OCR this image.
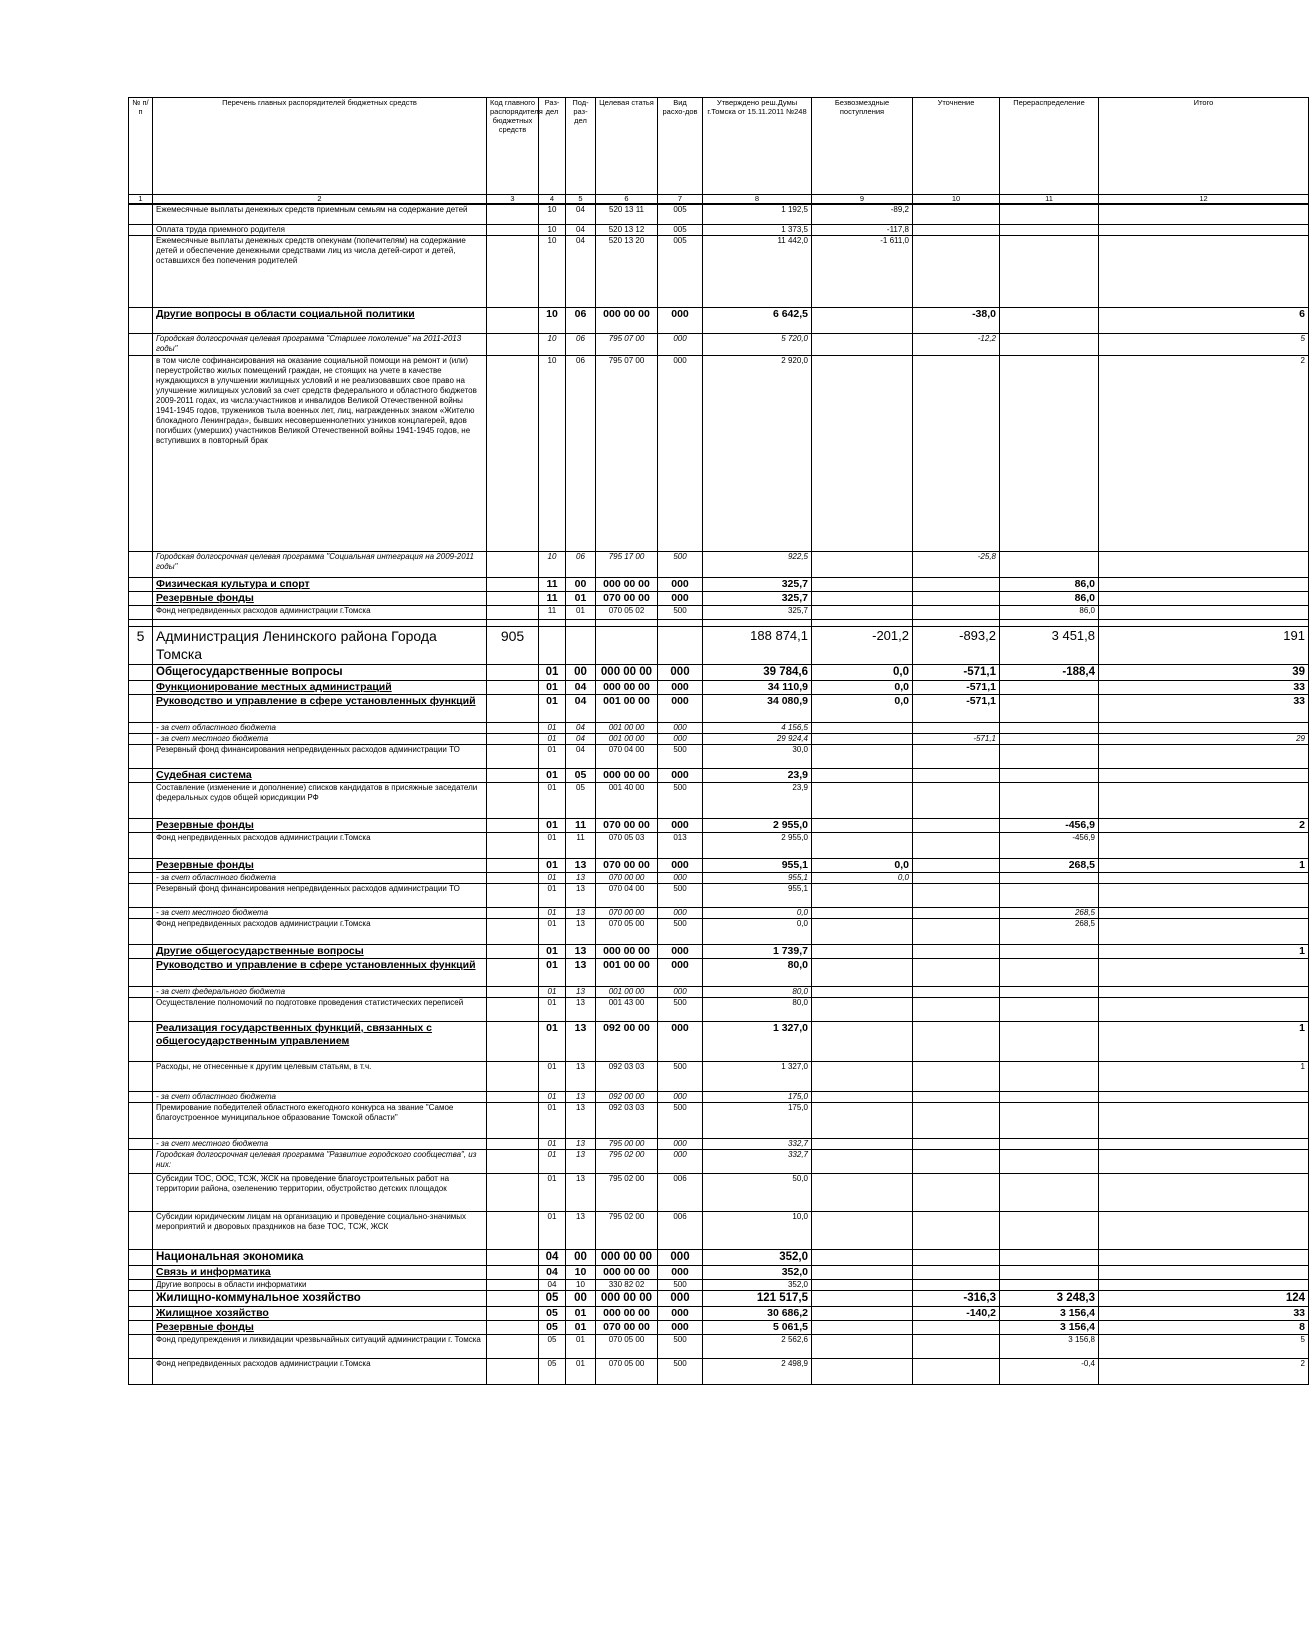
№ п/п	Перечень главных распорядителей бюджетных средств	Код главного распорядителя бюджетных средств	Раз-дел	Под-раз-дел	Целевая статья	Вид расхо-дов	Утверждено реш.Думы г.Томска от 15.11.2011 №248	Безвозмездные поступления	Уточнение	Перераспределение	Итого
1	2	3	4	5	6	7	8	9	10	11	12
	Ежемесячные выплаты денежных средств приемным семьям на содержание детей		10	04	520 13 11	005	1 192,5	-89,2			
	Оплата труда приемного родителя		10	04	520 13 12	005	1 373,5	-117,8			
	Ежемесячные выплаты денежных средств опекунам (попечителям) на содержание детей и обеспечение денежными средствами лиц из числа детей-сирот и детей, оставшихся без попечения родителей		10	04	520 13 20	005	11 442,0	-1 611,0			
	Другие вопросы в области социальной политики		10	06	000 00 00	000	6 642,5		-38,0		6
	Городская долгосрочная целевая программа "Старшее поколение" на 2011-2013 годы"		10	06	795 07 00	000	5 720,0		-12,2		5
	в том числе софинансирования на оказание социальной помощи на ремонт и (или) переустройство жилых помещений граждан, не стоящих на учете в качестве нуждающихся в улучшении жилищных условий и не реализовавших свое право на улучшение жилищных условий за счет средств федерального и областного бюджетов 2009-2011 годах, из числа:участников и инвалидов Великой Отечественной войны 1941-1945 годов, тружеников тыла военных лет, лиц, награжденных знаком «Жителю блокадного Ленинграда», бывших несовершеннолетних узников концлагерей, вдов погибших (умерших) участников Великой Отечественной войны 1941-1945 годов, не вступивших в повторный брак		10	06	795 07 00	000	2 920,0				2
	Городская долгосрочная целевая программа "Социальная интеграция на 2009-2011 годы"		10	06	795 17 00	500	922,5		-25,8		
	Физическая культура и спорт		11	00	000 00 00	000	325,7			86,0	
	Резервные фонды		11	01	070 00 00	000	325,7			86,0	
	Фонд непредвиденных расходов администрации г.Томска		11	01	070 05 02	500	325,7			86,0	

5	Администрация Ленинского района Города Томска	905					188 874,1	-201,2	-893,2	3 451,8	191
	Общегосударственные вопросы		01	00	000 00 00	000	39 784,6	0,0	-571,1	-188,4	39
	Функционирование местных администраций		01	04	000 00 00	000	34 110,9	0,0	-571,1		33
	Руководство и управление в сфере установленных функций		01	04	001 00 00	000	34 080,9	0,0	-571,1		33
	- за счет областного бюджета		01	04	001 00 00	000	4 156,5				
	- за счет местного бюджета		01	04	001 00 00	000	29 924,4		-571,1		29
	Резервный фонд финансирования непредвиденных расходов администрации ТО		01	04	070 04 00	500	30,0				
	Судебная система		01	05	000 00 00	000	23,9				
	Составление (изменение и дополнение) списков кандидатов в присяжные заседатели федеральных судов общей юрисдикции РФ		01	05	001 40 00	500	23,9				
	Резервные фонды		01	11	070 00 00	000	2 955,0			-456,9	2
	Фонд непредвиденных расходов администрации г.Томска		01	11	070 05 03	013	2 955,0			-456,9	
	Резервные фонды		01	13	070 00 00	000	955,1	0,0		268,5	1
	- за счет областного бюджета		01	13	070 00 00	000	955,1	0,0			
	Резервный фонд финансирования непредвиденных расходов администрации ТО		01	13	070 04 00	500	955,1				
	- за счет местного бюджета		01	13	070 00 00	000	0,0			268,5	
	Фонд непредвиденных расходов администрации г.Томска		01	13	070 05 00	500	0,0			268,5	
	Другие общегосударственные вопросы		01	13	000 00 00	000	1 739,7				1
	Руководство и управление в сфере установленных функций		01	13	001 00 00	000	80,0				
	- за счет федерального бюджета		01	13	001 00 00	000	80,0				
	Осуществление полномочий по подготовке проведения статистических переписей		01	13	001 43 00	500	80,0				
	Реализация государственных функций, связанных с общегосударственным управлением		01	13	092 00 00	000	1 327,0				1
	Расходы, не отнесенные к другим целевым статьям, в т.ч.		01	13	092 03 03	500	1 327,0				1
	- за счет областного бюджета		01	13	092 00 00	000	175,0				
	Премирование победителей областного ежегодного конкурса на звание "Самое благоустроенное муниципальное образование Томской области"		01	13	092 03 03	500	175,0				
	- за счет местного бюджета		01	13	795 00 00	000	332,7				
	Городская долгосрочная целевая программа "Развитие городского сообщества", из них:		01	13	795 02 00	000	332,7				
	Субсидии ТОС, ООС, ТСЖ, ЖСК на проведение благоустроительных работ на территории района, озеленению территории, обустройство детских площадок		01	13	795 02 00	006	50,0				
	Субсидии юридическим лицам на организацию и проведение социально-значимых мероприятий и дворовых праздников на базе ТОС, ТСЖ, ЖСК		01	13	795 02 00	006	10,0				
	Национальная экономика		04	00	000 00 00	000	352,0				
	Связь и информатика		04	10	000 00 00	000	352,0				
	Другие вопросы в области информатики		04	10	330 82 02	500	352,0				
	Жилищно-коммунальное хозяйство		05	00	000 00 00	000	121 517,5		-316,3	3 248,3	124
	Жилищное хозяйство		05	01	000 00 00	000	30 686,2		-140,2	3 156,4	33
	Резервные фонды		05	01	070 00 00	000	5 061,5			3 156,4	8
	Фонд предупреждения и ликвидации чрезвычайных ситуаций администрации г. Томска		05	01	070 05 00	500	2 562,6			3 156,8	5
	Фонд непредвиденных расходов администрации г.Томска		05	01	070 05 00	500	2 498,9			-0,4	2
